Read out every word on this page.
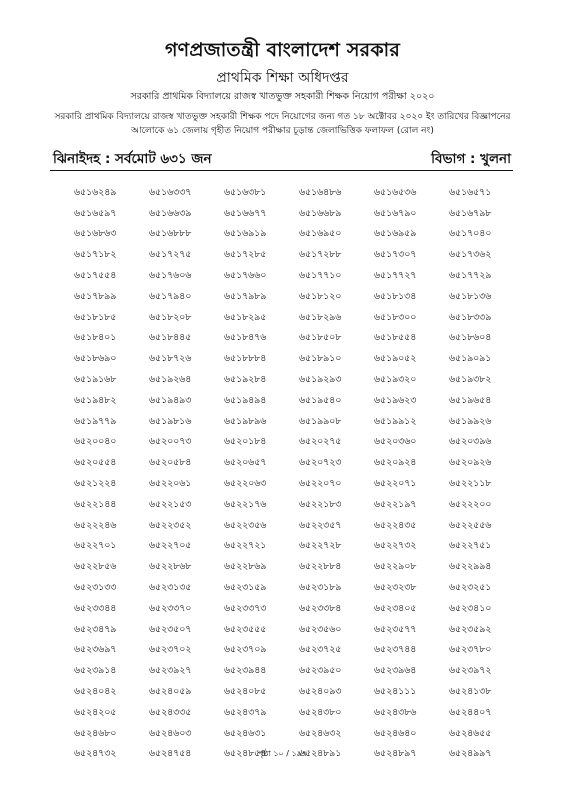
গণপ্রজাতন্ত্রী বাংলাদেশ সরকার
প্রাথমিক শিক্ষা অধিদপ্তর
সরকারি প্রাথমিক বিদ্যালয়ে রাজস্ব খাতভুক্ত সহকারী শিক্ষক নিয়োগ পরীক্ষা ২০২০
সরকারি প্রাথমিক বিদ্যালয়ে রাজস্ব খাতভুক্ত সহকারী শিক্ষক পদে নিয়োগের জন্য গত ১৮ অক্টোবর ২০২০ ইং তারিখের বিজ্ঞাপনের আলোকে ৬১ জেলায় গৃহীত নিয়োগ পরীক্ষার চূড়ান্ত জেলাভিত্তিক ফলাফল (রোল নং)
ঝিনাইদহ : সর্বমোট ৬৩১ জন	বিভাগ : খুলনা
৬৫১৬২৪৯	৬৫১৬৩৩৭	৬৫১৬৩৮১	৬৫১৬৪৮৬	৬৫১৬৫৩৬	৬৫১৬৫৭১
৬৫১৬৫৯৭	৬৫১৬৬৩৯	৬৫১৬৬৭৭	৬৫১৬৬৮৯	৬৫১৬৭৯০	৬৫১৬৭৯৮
৬৫১৬৮৬৩	৬৫১৬৮৮৮	৬৫১৬৯১৯	৬৫১৬৯৫০	৬৫১৬৯৫৯	৬৫১৭০৪০
৬৫১৭১৮২	৬৫১৭২৭৫	৬৫১৭২৮৫	৬৫১৭২৮৮	৬৫১৭৩০৭	৬৫১৭৩৬২
৬৫১৭৫৫৪	৬৫১৭৬০৬	৬৫১৭৬৬০	৬৫১৭৭১০	৬৫১৭৭২৭	৬৫১৭৭২৯
৬৫১৭৮৯৯	৬৫১৭৯৪০	৬৫১৭৯৮৯	৬৫১৮১২০	৬৫১৮১৩৪	৬৫১৮১৩৬
৬৫১৮১৮৫	৬৫১৮২০৮	৬৫১৮২৯৫	৬৫১৮২৯৬	৬৫১৮৩০০	৬৫১৮৩৩৯
৬৫১৮৪০১	৬৫১৮৪৪৫	৬৫১৮৪৭৬	৬৫১৮৫০৮	৬৫১৮৫৫৪	৬৫১৮৬০৪
৬৫১৮৬৯০	৬৫১৮৭২৬	৬৫১৮৮৮৪	৬৫১৮৯১০	৬৫১৯০৫২	৬৫১৯০৯১
৬৫১৯১৬৮	৬৫১৯২৬৪	৬৫১৯২৮৪	৬৫১৯২৯৩	৬৫১৯৩২০	৬৫১৯৩৮২
৬৫১৯৪৮২	৬৫১৯৪৯৩	৬৫১৯৪৯৪	৬৫১৯৫৪০	৬৫১৯৬২৩	৬৫১৯৬৫৪
৬৫১৯৭৭৯	৬৫১৯৮১৬	৬৫১৯৮৯৬	৬৫১৯৯০৮	৬৫১৯৯১২	৬৫১৯৯২৬
৬৫২০০৪০	৬৫২০০৭৩	৬৫২০১৮৪	৬৫২০২৭৫	৬৫২০৩৬০	৬৫২০৩৯৬
৬৫২০৫৫৪	৬৫২০৫৮৪	৬৫২০৬৫৭	৬৫২০৭২৩	৬৫২০৯২৪	৬৫২০৯২৬
৬৫২১২২৪	৬৫২২০৬১	৬৫২২০৬৩	৬৫২২০৭০	৬৫২২০৭১	৬৫২২১১৮
৬৫২২১৪৪	৬৫২২১৫৩	৬৫২২১৭৬	৬৫২২১৮৩	৬৫২২১৯৭	৬৫২২২০০
৬৫২২২৪৬	৬৫২২৩৫২	৬৫২২৩৫৬	৬৫২২৩৫৭	৬৫২২৪৩৫	৬৫২২৫৫৬
৬৫২২৭০১	৬৫২২৭০৫	৬৫২২৭২১	৬৫২২৭২৮	৬৫২২৭৩২	৬৫২২৭৫১
৬৫২২৮৫৬	৬৫২২৮৬৮	৬৫২২৮৬৯	৬৫২২৮৮৪	৬৫২২৯০৮	৬৫২২৯৯৪
৬৫২৩১৩৩	৬৫২৩১৩৫	৬৫২৩১৫৯	৬৫২৩১৮৯	৬৫২৩২৩৮	৬৫২৩২৫১
৬৫২৩৩৪৪	৬৫২৩৩৭০	৬৫২৩৩৭৩	৬৫২৩৩৮৪	৬৫২৩৪০৫	৬৫২৩৪১০
৬৫২৩৪৭৯	৬৫২৩৫০৭	৬৫২৩৫৫৫	৬৫২৩৫৬০	৬৫২৩৫৭৭	৬৫২৩৫৯২
৬৫২৩৬৯৭	৬৫২৩৭০২	৬৫২৩৭০৯	৬৫২৩৭২৫	৬৫২৩৭৪৪	৬৫২৩৭৮০
৬৫২৩৯১৪	৬৫২৩৯২৭	৬৫২৩৯৪৪	৬৫২৩৯৫০	৬৫২৩৯৬৪	৬৫২৩৯৭২
৬৫২৪০৪২	৬৫২৪০৫৯	৬৫২৪০৮৫	৬৫২৪০৯৩	৬৫২৪১১১	৬৫২৪১৩৮
৬৫২৪২০৫	৬৫২৪৩৩৫	৬৫২৪৩৭৯	৬৫২৪৩৮০	৬৫২৪৩৮৬	৬৫২৪৪০৭
৬৫২৪৬৮০	৬৫২৪৬০৩	৬৫২৪৬৩১	৬৫২৪৬৩২	৬৫২৪৬৪০	৬৫২৪৬৫৫
৬৫২৪৭৩২	৬৫২৪৭৫৪	৬৫২৪৮৫৪	৬৫২৪৮৯১	৬৫২৪৮৯৭	৬৫২৪৯৯৭
পৃষ্ঠা ১০ / ১৯৭
